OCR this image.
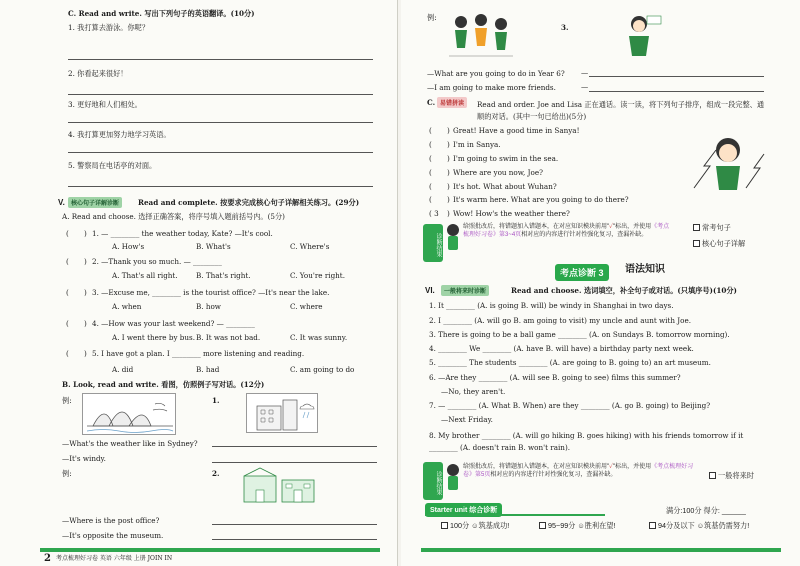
C. Read and write. 写出下列句子的英语翻译。(10分)
1. 我打算去游泳。你呢？
2. 你看起来很好！
3. 更好地和人们相处。
4. 我打算更加努力地学习英语。
5. 警察局在电话亭的对面。
V.	核心句子详解诊断	Read and complete. 按要求完成核心句子详解相关练习。(29分)
A. Read and choose. 选择正确答案，将序号填入题前括号内。(5分)
( ) 1. — ________ the weather today, Kate? —It's cool.
A. How's	B. What's	C. Where's
( ) 2. —Thank you so much. — ________
A. That's all right.	B. That's right.	C. You're right.
( ) 3. —Excuse me, ________ is the tourist office? —It's near the lake.
A. when	B. how	C. where
( ) 4. —How was your last weekend? — ________
A. I went there by bus. B. It was not bad.	C. It was sunny.
( ) 5. I have got a plan. I ________ more listening and reading.
A. did	B. had	C. am going to do
B. Look, read and write. 看图，仿照例子写对话。(12分)
例:	1.
—What's the weather like in Sydney?
—It's windy.
例:	2.
—Where is the post office?
—It's opposite the museum.
2 考点梳理好习卷 英语 六年级 上册 JOIN IN
例:
3.
—What are you going to do in Year 6?
—I am going to make more friends.
—
—
C. 易错拼读	Read and order. Joe and Lisa 正在通话。读一读，将下列句子排序，组成一段完整、通顺的对话。(其中一句已给出)(5分)
( ) Great! Have a good time in Sanya!
( ) I'm in Sanya.
( ) I'm going to swim in the sea.
( ) Where are you now, Joe?
( ) It's hot. What about Wuhan?
( ) It's warm here. What are you going to do there?
( 3 ) Wow! How's the weather there?
诊断结果
给照批改后，将错题加入错题本，在对应知识模块前用"✓"标出，并使用《考点梳理好习卷》第3~4页相对应的内容进行针对性强化复习，查漏补缺。
常考句子
核心句子详解
考点诊断 3	语法知识
VI.	一般将来时诊断	Read and choose. 选词填空，补全句子或对话。(只填序号)(10分)
1. It ________ (A. is going B. will) be windy in Shanghai in two days.
2. I ________ (A. will go B. am going to visit) my uncle and aunt with Joe.
3. There is going to be a ball game ________ (A. on Sundays B. tomorrow morning).
4. ________ We ________ (A. have B. will have) a birthday party next week.
5. ________ The students ________ (A. are going to B. going to) an art museum.
6. —Are they ________ (A. will see B. going to see) films this summer?
—No, they aren't.
7. — ________ (A. What B. When) are they ________ (A. go B. going) to Beijing?
—Next Friday.
8. My brother ________ (A. will go hiking B. goes hiking) with his friends tomorrow if it ________ (A. doesn't rain B. won't rain).
诊断结果
给照批改后，将错题加入错题本，在对应知识模块前用"✓"标出，并使用《考点梳理好习卷》第5页相对应的内容进行针对性强化复习，查漏补缺。	一般将来时
Starter unit 综合诊断	满分:100分 得分: ______
100分 ☺筑基成功!	95~99分 ☺胜利在望!	94分及以下 ☺筑基仍需努力!
